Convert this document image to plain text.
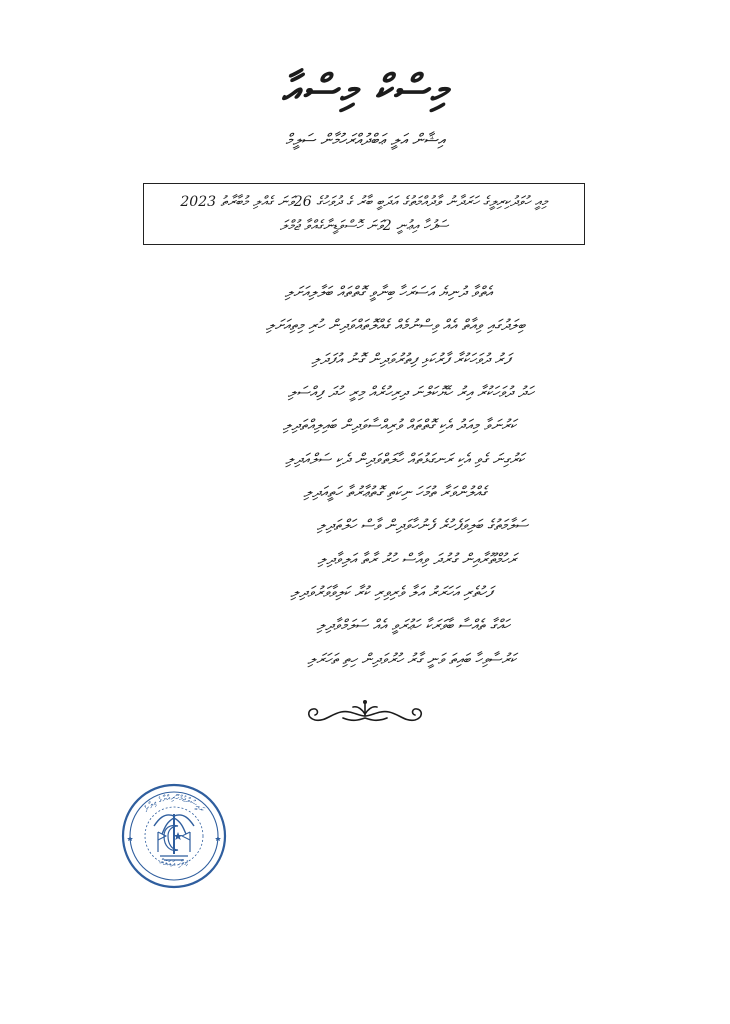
މިސްކް މިސްއާ
އިޝާން އަލީ ޢަބްދުއްރަހުމާން ސަލީމް
މިއީ ހުވަދުކިރިލީގެ ހަރަދާނު ވާދުއްމަތުގެ އަދަބީ ބާރު ގެ ދުވަހުގެ 26ވަނަ ގެއްލި މުބާރާތު 2023
ސަފުހާ އިޢުނީ 2ވަނަ ހޮސްވަޑީނާގެއްވާ ޖުމްލަ
އެތްވާ ދުނިޔެ އަސަރަހާ ބިނާވީ ގޮތްތައް ބަލާލިއަށަލި
ބިލަދުގައި ވިއާތް އެއް ވިސްނުމެއް ގެއްލޮތައްވަދިން ހުރި މިތިއަށަލި
ފަރު ދުވަހަކުރާ ފާރުކަޅި ފިތުރުވަދިން ގޮނު އުފަދަލި
ހަދު ދުވަހަކުރާ އިރު ހެޔޮކަލްނަ ދިރިހުރެއް މިރީ ހުދަ ފިއްސަލި
ކަރުނަވާ މިއަދު އެކި ގޮތްތައް ވުރިއްސާވަދިން ބައިލިއްތަދިލި
ކަރުގިނަ ގެވި އެކި ރަނގަޅުތައް ހާލަތްވަދިން ދެކި ސަލްއަދިލި
ގެއްލުންވަރާ ތުމަހަ ނިކަތި ގޮތުޢާރުތާ ހަތީއަދިލި
ސަލާމަތުގެ ބަލިވަފެހުރެ ފެނުހާވަދިން ވާސް ހަލްތަދިލި
ރަހުމްތޫރާއިން ގުރުދަ ވިއާސް ހުރު ރާތާ އަލިވާދިލި
ފަހުތެރި އަހަރަރު އަލާ ވެރިވިރި ކުރާ ކަލިވާވަރުވަދިލި
ހައްގާ ތެއްސާ ބާވަރަކާ ހަޢުރަވީ އެއް ސަލަމްވާދިލި
ކަރުސާވިހާ ބައިތަ ވަނީ ގާރު ހުރުވަދިން ހިތި ތަހަރަލި
ރައީސުލްޖުމްހޫރިއްޔާގެ ޢިލާނު
ދިވެހި ދައުލަތް
